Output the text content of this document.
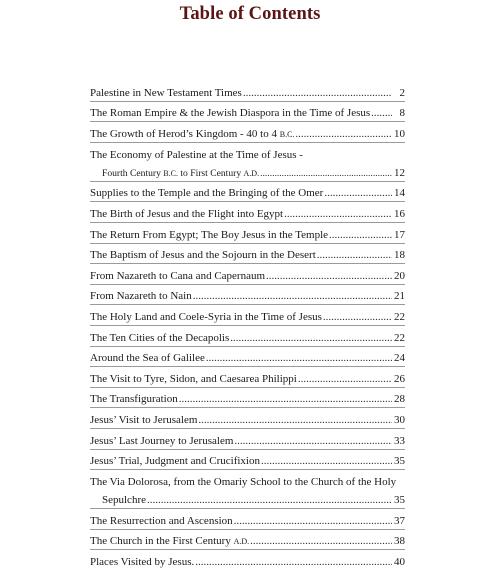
Table of Contents
Palestine in New Testament Times .....	2
The Roman Empire & the Jewish Diaspora in the Time of Jesus .....	8
The Growth of Herod’s Kingdom - 40 to 4 B.C. .....	10
The Economy of Palestine at the Time of Jesus -
Fourth Century B.C. to First Century A.D. .....	12
Supplies to the Temple and the Bringing of the Omer .....	14
The Birth of Jesus and the Flight into Egypt .....	16
The Return From Egypt; The Boy Jesus in the Temple .....	17
The Baptism of Jesus and the Sojourn in the Desert .....	18
From Nazareth to Cana and Capernaum .....	20
From Nazareth to Nain .....	21
The Holy Land and Coele-Syria in the Time of Jesus .....	22
The Ten Cities of the Decapolis .....	22
Around the Sea of Galilee .....	24
The Visit to Tyre, Sidon, and Caesarea Philippi .....	26
The Transfiguration .....	28
Jesus’ Visit to Jerusalem .....	30
Jesus’ Last Journey to Jerusalem .....	33
Jesus’ Trial, Judgment and Crucifixion .....	35
The Via Dolorosa, from the Omariy School to the Church of the Holy
Sepulchre .....	35
The Resurrection and Ascension .....	37
The Church in the First Century A.D. .....	38
Places Visited by Jesus. .....	40
